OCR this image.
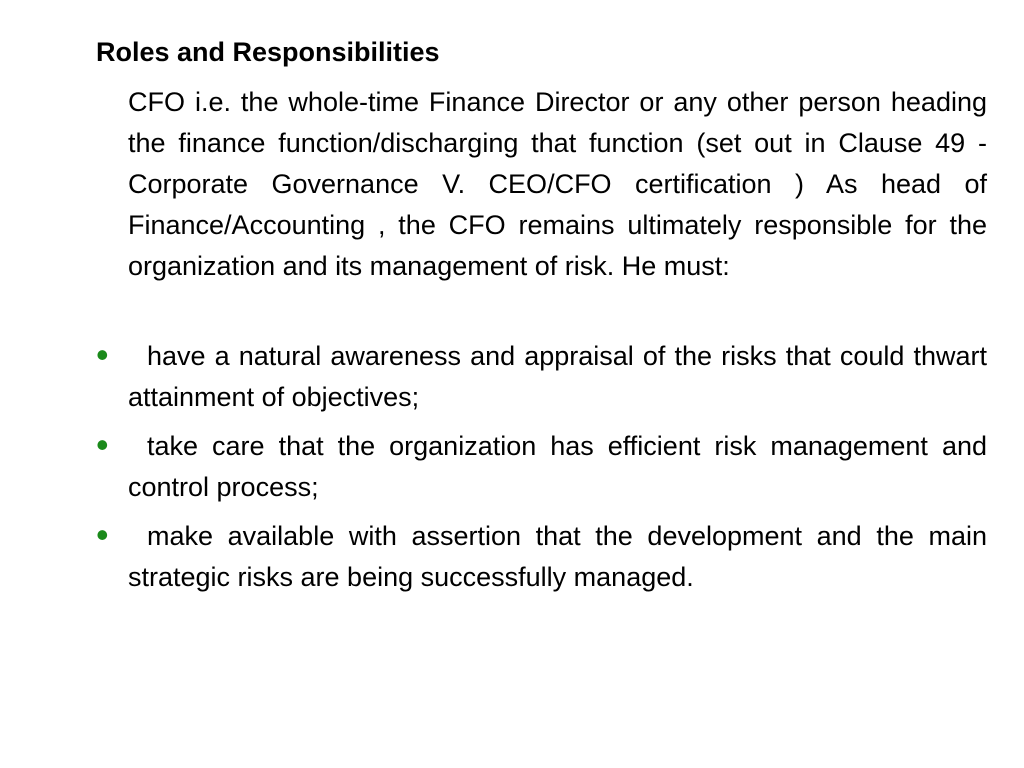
Roles and Responsibilities

CFO i.e. the whole-time Finance Director or any other person heading the finance function/discharging that function (set out in Clause 49 - Corporate Governance V. CEO/CFO certification ) As head of Finance/Accounting , the CFO remains ultimately responsible for the organization and its management of risk. He must:

•	have a natural awareness and appraisal of the risks that could thwart attainment of objectives;
•	take care that the organization has efficient risk management and control process;
•	make available with assertion that the development and the main strategic risks are being successfully managed.
